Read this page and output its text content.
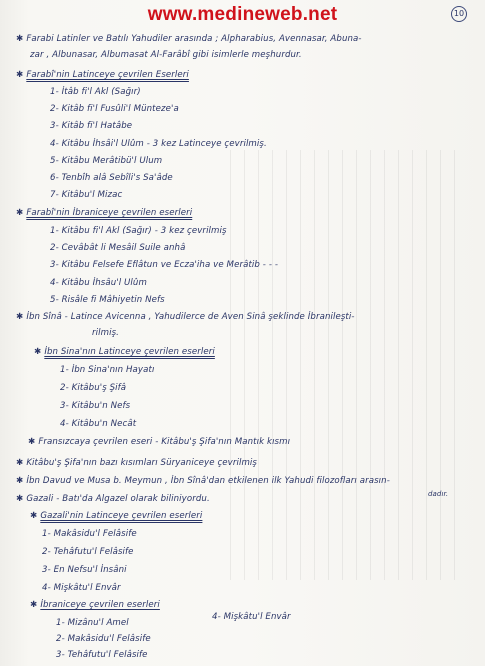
www.medineweb.net	10
✱ Farabi Latinler ve Batılı Yahudiler arasında ; Alpharabius, Avennasar, Abuna-
zar , Albunasar, Albumasat Al-Farâbî gibi isimlerle meşhurdur.
✱ Farabî'nin Latinceye çevrilen Eserleri
1- İtâb fi'l Akl (Sağır)
2- Kitâb fi'l Fusûli'l Münteze'a
3- Kitâb fi'l Hatâbe
4- Kitâbu İhsâi'l Ulûm - 3 kez Latinceye çevrilmiş.
5- Kitâbu Merâtibü'l Ulum
6- Tenbîh alâ Sebîli's Sa'âde
7- Kitâbu'l Mizac
✱ Farabî'nin İbraniceye çevrilen eserleri
1- Kitâbu fi'l Akl (Sağır) - 3 kez çevrilmiş
2- Cevâbât li Mesâil Suile anhâ
3- Kitâbu Felsefe Eflâtun ve Ecza'iha ve Merâtib - - -
4- Kitâbu İhsâu'l Ulûm
5- Risâle fi Mâhiyetin Nefs
✱ İbn Sînâ - Latince Avicenna , Yahudilerce de Aven Sinâ şeklinde İbranileşti-
rilmiş.
✱ İbn Sina'nın Latinceye çevrilen eserleri
1- İbn Sina'nın Hayatı
2- Kitâbu'ş Şifâ
3- Kitâbu'n Nefs
4- Kitâbu'n Necât
✱ Fransızcaya çevrilen eseri - Kitâbu'ş Şifa'nın Mantık kısmı
✱ Kitâbu'ş Şifa'nın bazı kısımları Süryaniceye çevrilmiş
✱ İbn Davud ve Musa b. Meymun , İbn Sînâ'dan etkilenen ilk Yahudi filozofları arasın-
dadır.
✱ Gazali - Batı'da Algazel olarak biliniyordu.
✱ Gazali'nin Latinceye çevrilen eserleri
1- Makâsidu'l Felâsife
2- Tehâfutu'l Felâsife
3- En Nefsu'l İnsâni
4- Mişkâtu'l Envâr
✱ İbraniceye çevrilen eserleri
1- Mizânu'l Amel
4- Mişkâtu'l Envâr
2- Makâsidu'l Felâsife
3- Tehâfutu'l Felâsife
